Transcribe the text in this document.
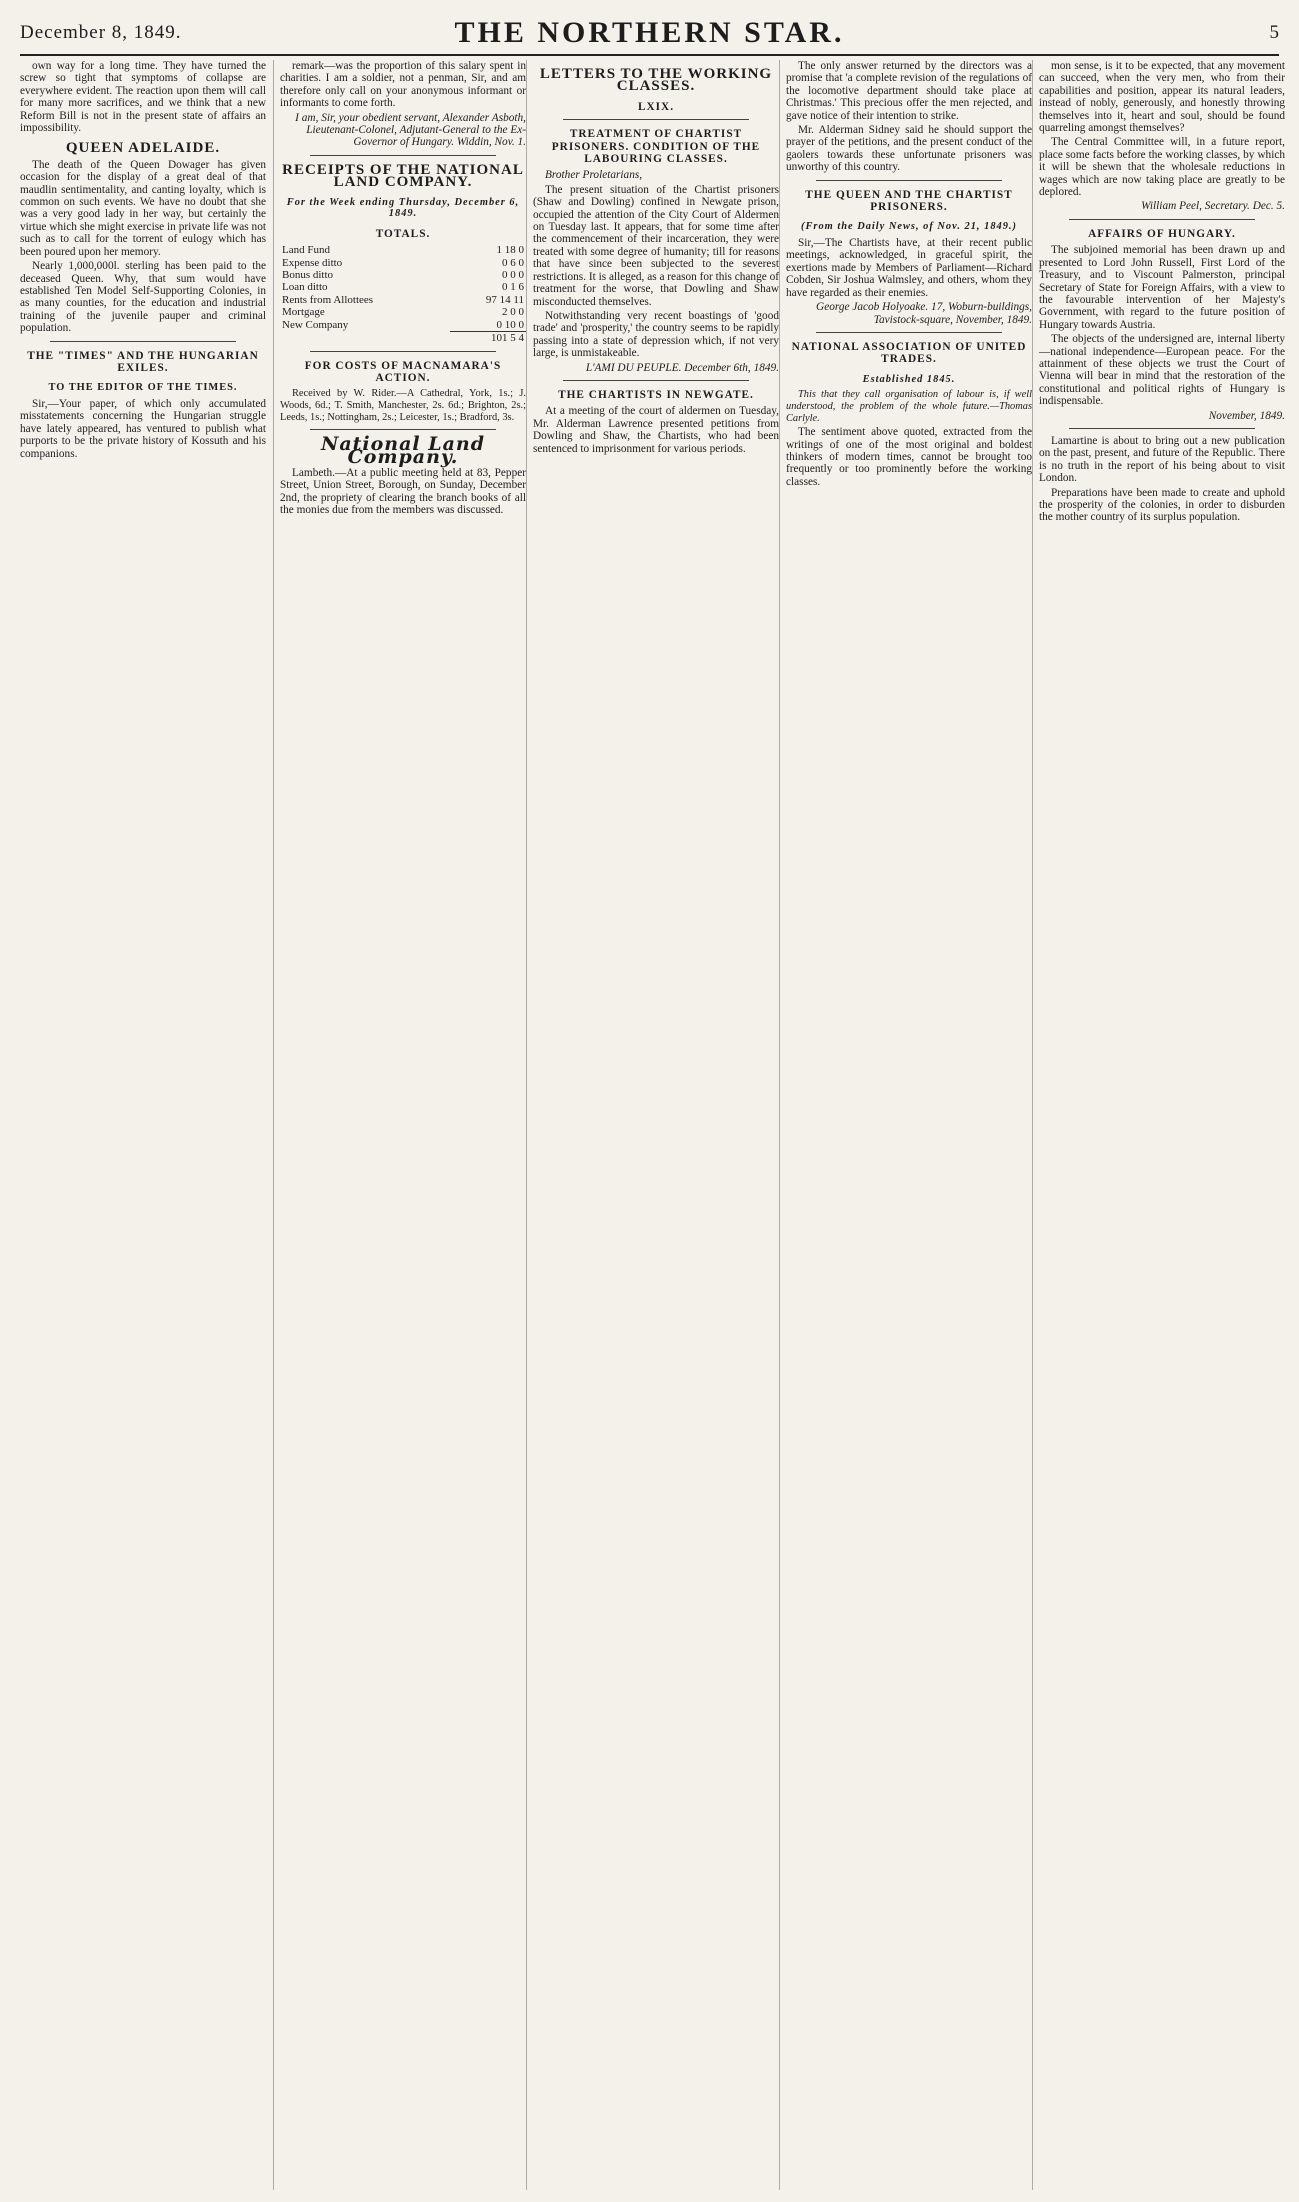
THE NORTHERN STAR.
December 8, 1849.	5

own way for a long time. They have turned the screw so tight that symptoms of collapse are everywhere evident. The reaction upon them will call for many more sacrifices, and we think that a new Reform Bill is not in the present state of affairs an impossibility.

QUEEN ADELAIDE.

The death of the Queen Dowager has given occasion for the display of a great deal of that maudlin sentimentality, and canting loyalty, which is common on such events. We have no doubt that she was a very good lady in her way, but certainly the virtue which she might exercise in private life was not such as to call for the torrent of eulogy which has been poured upon her memory.

Nearly 1,000,000l. sterling has been paid to the deceased Queen. Why, that sum would have established Ten Model Self-Supporting Colonies, in as many counties, for the education and industrial training of the juvenile pauper and criminal population.

THE "TIMES" AND THE HUNGARIAN EXILES.
TO THE EDITOR OF THE TIMES.

Sir,—Your paper, of which only accumulated misstatements concerning the Hungarian struggle have lately appeared, has ventured to publish what purports to be the private history of Kossuth and his companions.

remark—was the proportion of this salary spent in charities. I am a soldier, not a penman, Sir, and am therefore only call on your anonymous informant or informants to come forth.

I am, Sir, your obedient servant, Alexander Asboth, Lieutenant-Colonel, Adjutant-General to the Ex-Governor of Hungary. Widdin, Nov. 1.

RECEIPTS OF THE NATIONAL LAND COMPANY.
For the Week ending Thursday, December 6, 1849.
TOTALS.
Land Fund	1 18 0
Expense ditto	0 6 0
Bonus ditto	0 0 0
Loan ditto	0 1 6
Rents from Allottees	97 14 11
Mortgage	2 0 0
New Company	0 10 0
	101 5 4
FOR COSTS OF MACNAMARA'S ACTION.

Received by W. Rider.—A Cathedral, York, 1s.; J. Woods, 6d.; T. Smith, Manchester, 2s. 6d.; Brighton, 2s.; Leeds, 1s.; Nottingham, 2s.; Leicester, 1s.; Bradford, 3s.

National Land Company.

Lambeth.—At a public meeting held at 83, Pepper Street, Union Street, Borough, on Sunday, December 2nd, the propriety of clearing the branch books of all the monies due from the members was discussed.

LETTERS TO THE WORKING CLASSES.
LXIX.
TREATMENT OF CHARTIST PRISONERS. CONDITION OF THE LABOURING CLASSES.

Brother Proletarians,

The present situation of the Chartist prisoners (Shaw and Dowling) confined in Newgate prison, occupied the attention of the City Court of Aldermen on Tuesday last. It appears, that for some time after the commencement of their incarceration, they were treated with some degree of humanity; till for reasons that have since been subjected to the severest restrictions. It is alleged, as a reason for this change of treatment for the worse, that Dowling and Shaw misconducted themselves.

Notwithstanding very recent boastings of 'good trade' and 'prosperity,' the country seems to be rapidly passing into a state of depression which, if not very large, is unmistakeable.

L'AMI DU PEUPLE. December 6th, 1849.

THE CHARTISTS IN NEWGATE.

At a meeting of the court of aldermen on Tuesday, Mr. Alderman Lawrence presented petitions from Dowling and Shaw, the Chartists, who had been sentenced to imprisonment for various periods.

The only answer returned by the directors was a promise that 'a complete revision of the regulations of the locomotive department should take place at Christmas.' This precious offer the men rejected, and gave notice of their intention to strike.

Mr. Alderman Sidney said he should support the prayer of the petitions, and the present conduct of the gaolers towards these unfortunate prisoners was unworthy of this country.

THE QUEEN AND THE CHARTIST PRISONERS.
(From the Daily News, of Nov. 21, 1849.)

Sir,—The Chartists have, at their recent public meetings, acknowledged, in graceful spirit, the exertions made by Members of Parliament—Richard Cobden, Sir Joshua Walmsley, and others, whom they have regarded as their enemies.

George Jacob Holyoake. 17, Woburn-buildings, Tavistock-square, November, 1849.

NATIONAL ASSOCIATION OF UNITED TRADES.
Established 1845.

This that they call organisation of labour is, if well understood, the problem of the whole future.—Thomas Carlyle.

The sentiment above quoted, extracted from the writings of one of the most original and boldest thinkers of modern times, cannot be brought too frequently or too prominently before the working classes.

mon sense, is it to be expected, that any movement can succeed, when the very men, who from their capabilities and position, appear its natural leaders, instead of nobly, generously, and honestly throwing themselves into it, heart and soul, should be found quarreling amongst themselves?

The Central Committee will, in a future report, place some facts before the working classes, by which it will be shewn that the wholesale reductions in wages which are now taking place are greatly to be deplored.

William Peel, Secretary. Dec. 5.

AFFAIRS OF HUNGARY.

The subjoined memorial has been drawn up and presented to Lord John Russell, First Lord of the Treasury, and to Viscount Palmerston, principal Secretary of State for Foreign Affairs, with a view to the favourable intervention of her Majesty's Government, with regard to the future position of Hungary towards Austria.

The objects of the undersigned are, internal liberty—national independence—European peace. For the attainment of these objects we trust the Court of Vienna will bear in mind that the restoration of the constitutional and political rights of Hungary is indispensable.

November, 1849.

Lamartine is about to bring out a new publication on the past, present, and future of the Republic. There is no truth in the report of his being about to visit London.

Preparations have been made to create and uphold the prosperity of the colonies, in order to disburden the mother country of its surplus population.
